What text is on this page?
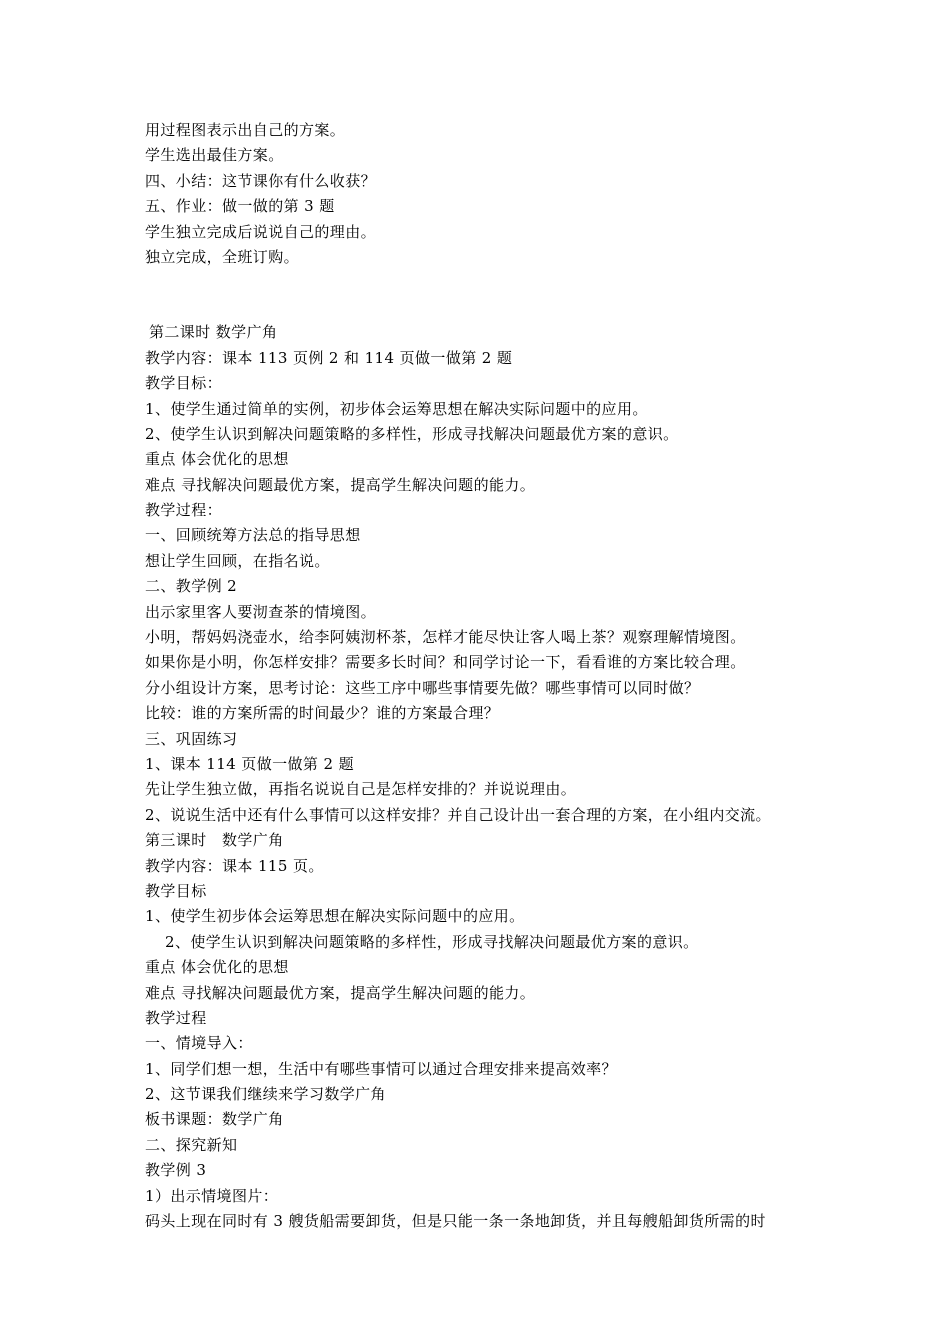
用过程图表示出自己的方案。
学生选出最佳方案。
四、小结：这节课你有什么收获？
五、作业：做一做的第 3 题
学生独立完成后说说自己的理由。
独立完成，全班订购。
第二课时 数学广角
教学内容：课本 113 页例 2 和 114 页做一做第 2 题
教学目标：
1、使学生通过简单的实例，初步体会运筹思想在解决实际问题中的应用。
2、使学生认识到解决问题策略的多样性，形成寻找解决问题最优方案的意识。
重点 体会优化的思想
难点 寻找解决问题最优方案，提高学生解决问题的能力。
教学过程：
一、回顾统筹方法总的指导思想
想让学生回顾，在指名说。
二、教学例 2
出示家里客人要沏查茶的情境图。
小明，帮妈妈浇壶水，给李阿姨沏杯茶，怎样才能尽快让客人喝上茶？观察理解情境图。
如果你是小明，你怎样安排？需要多长时间？和同学讨论一下，看看谁的方案比较合理。
分小组设计方案，思考讨论：这些工序中哪些事情要先做？哪些事情可以同时做？
比较：谁的方案所需的时间最少？谁的方案最合理？
三、巩固练习
1、课本 114 页做一做第 2 题
先让学生独立做，再指名说说自己是怎样安排的？并说说理由。
2、说说生活中还有什么事情可以这样安排？并自己设计出一套合理的方案，在小组内交流。
第三课时　数学广角
教学内容：课本 115 页。
教学目标
1、使学生初步体会运筹思想在解决实际问题中的应用。
2、使学生认识到解决问题策略的多样性，形成寻找解决问题最优方案的意识。
重点 体会优化的思想
难点 寻找解决问题最优方案，提高学生解决问题的能力。
教学过程
一、情境导入：
1、同学们想一想，生活中有哪些事情可以通过合理安排来提高效率？
2、这节课我们继续来学习数学广角
板书课题：数学广角
二、探究新知
教学例 3
1）出示情境图片：
码头上现在同时有 3 艘货船需要卸货，但是只能一条一条地卸货，并且每艘船卸货所需的时
